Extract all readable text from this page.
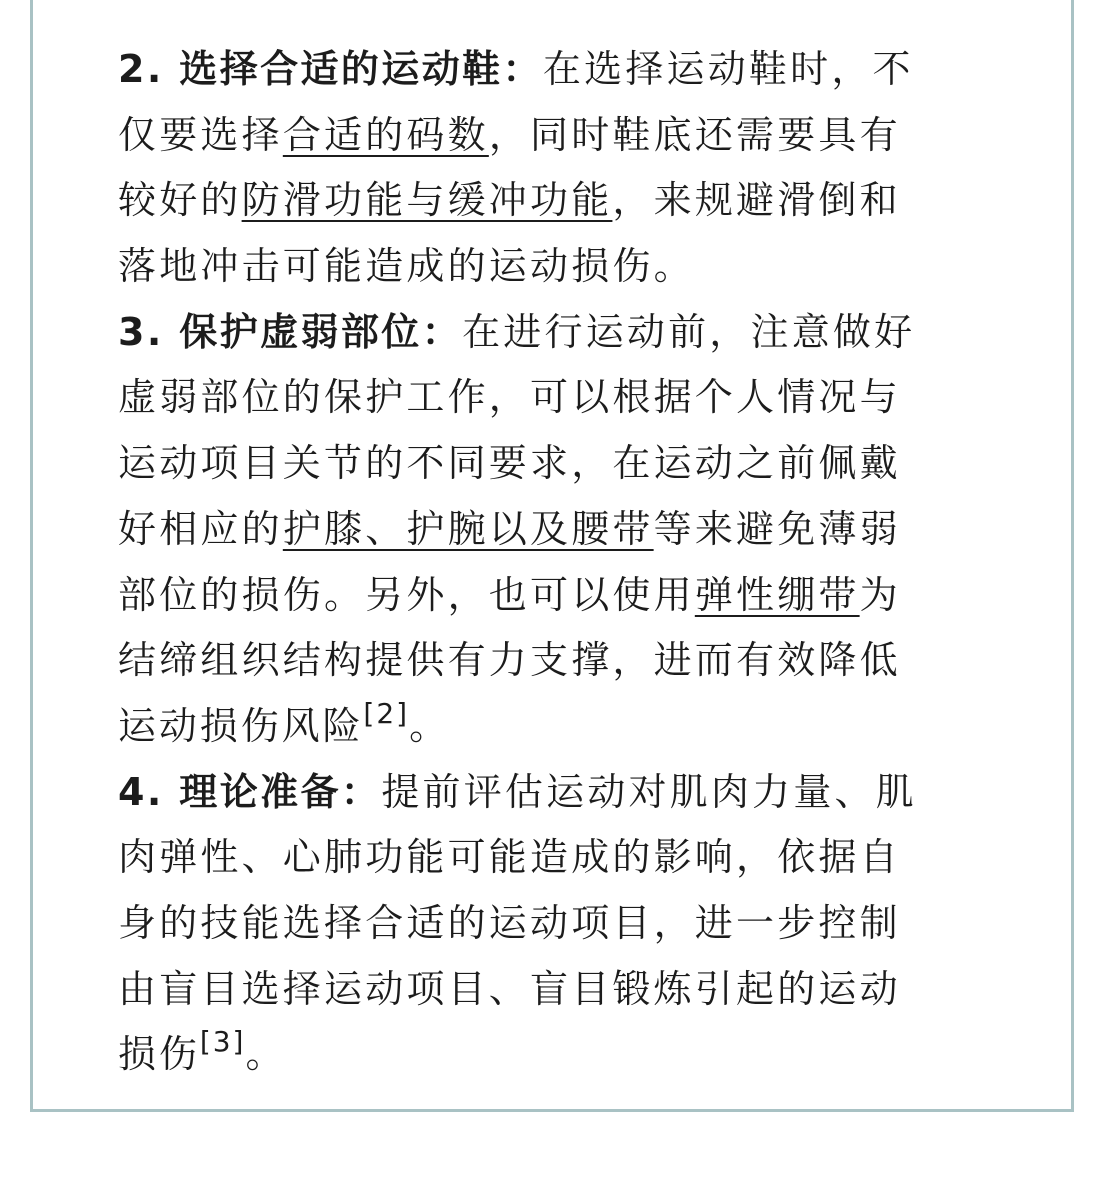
2. 选择合适的运动鞋：在选择运动鞋时，不
仅要选择合适的码数，同时鞋底还需要具有
较好的防滑功能与缓冲功能，来规避滑倒和
落地冲击可能造成的运动损伤。
3. 保护虚弱部位：在进行运动前，注意做好
虚弱部位的保护工作，可以根据个人情况与
运动项目关节的不同要求，在运动之前佩戴
好相应的护膝、护腕以及腰带等来避免薄弱
部位的损伤。另外，也可以使用弹性绷带为
结缔组织结构提供有力支撑，进而有效降低
运动损伤风险[2]。
4. 理论准备：提前评估运动对肌肉力量、肌
肉弹性、心肺功能可能造成的影响，依据自
身的技能选择合适的运动项目，进一步控制
由盲目选择运动项目、盲目锻炼引起的运动
损伤[3]。
